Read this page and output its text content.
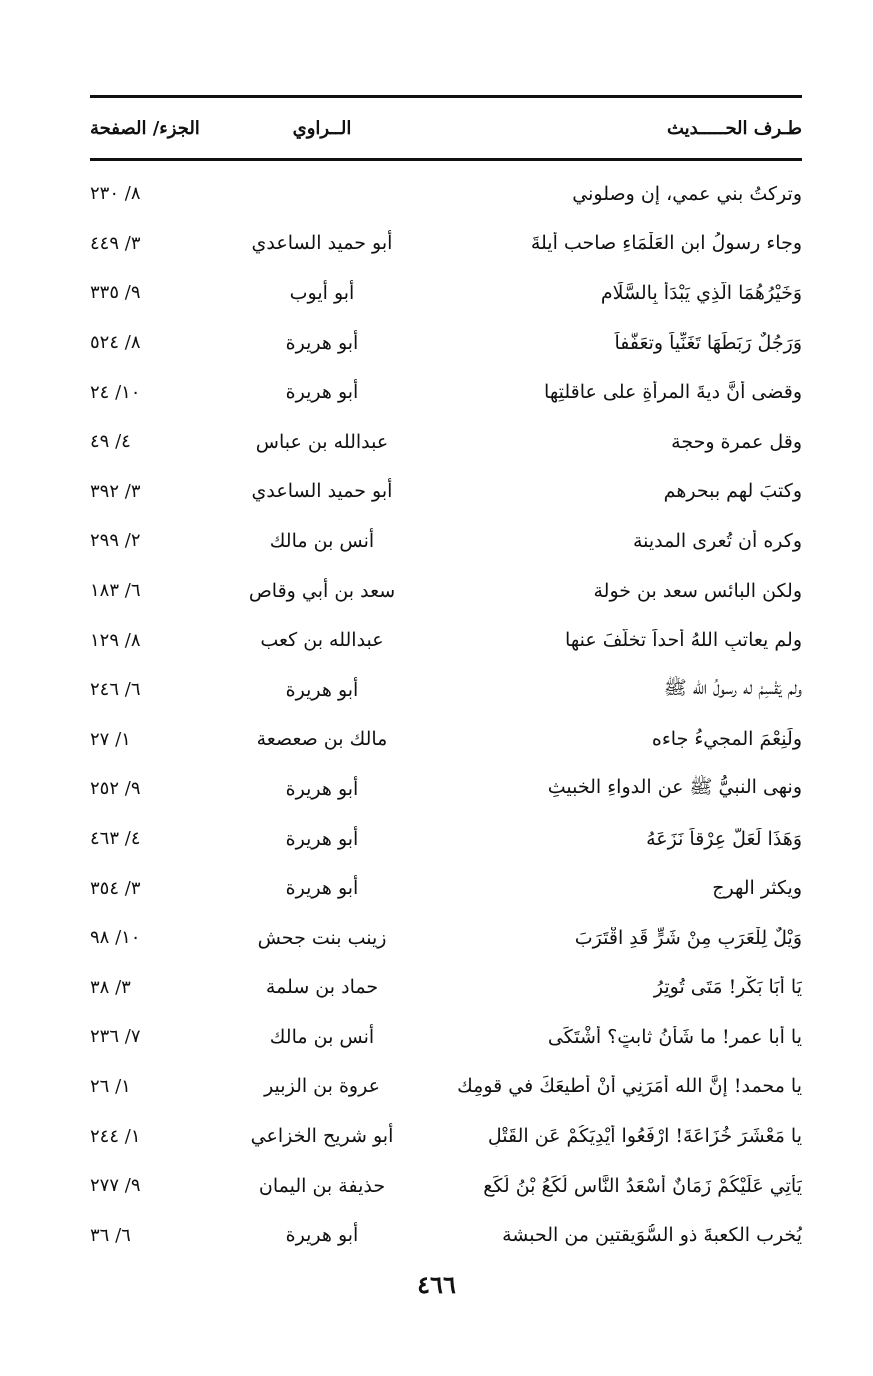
طـرف الحـــــديث
الــراوي
الجزء/ الصفحة
وتركتُ بني عمي، إن وصلوني
٨/ ٢٣٠
وجاء رسولُ ابنِ العَلْمَاءِ صاحب أيلةَ
أبو حميد الساعدي
٣/ ٤٤٩
وَخَيْرُهُمَا الَّذِي يَبْدَأُ بِالسَّلَامِ
أبو أيوب
٩/ ٣٣٥
وَرَجُلٌ رَبَطَهَا تَغَنِّياً وتعَفُّفاً
أبو هريرة
٨/ ٥٢٤
وقضى أنَّ ديةَ المرأةِ على عاقلتِها
أبو هريرة
١٠/ ٢٤
وقل عمرة وحجة
عبدالله بن عباس
٤/ ٤٩
وكتبَ لهم ببحرِهم
أبو حميد الساعدي
٣/ ٣٩٢
وكره أن تُعرى المدينة
أنس بن مالك
٢/ ٢٩٩
ولكن البائس سعد بن خولة
سعد بن أبي وقاص
٦/ ١٨٣
ولم يعاتبِ اللهُ أحداً تخلَّفَ عنها
عبدالله بن كعب
٨/ ١٢٩
ولم يَقْسِمْ له رسولُ الله ﷺ
أبو هريرة
٦/ ٢٤٦
ولَنِعْمَ المجيءُ جاءه
مالك بن صعصعة
١/ ٢٧
ونهى النبيُّ ﷺ عن الدواءِ الخبيثِ
أبو هريرة
٩/ ٢٥٢
وَهَذَا لَعَلَّ عِرْقاً نَزَعَهُ
أبو هريرة
٤/ ٤٦٣
ويكثر الهرج
أبو هريرة
٣/ ٣٥٤
وَيْلٌ لِلْعَرَبِ مِنْ شَرٍّ قَدِ اقْتَرَبَ
زينب بنت جحش
١٠/ ٩٨
يَا أَبَا بَكْرٍ! مَتَى تُوتِرُ
حماد بن سلمة
٣/ ٣٨
يا أبا عمر! ما شَأْنُ ثابتٍ؟ أَشْتَكَى
أنس بن مالك
٧/ ٢٣٦
يا محمد! إنَّ الله أَمَرَنِي أَنْ أُطيعَكَ في قومِك
عروة بن الزبير
١/ ٢٦
يا مَعْشَرَ خُزَاعَةَ! ارْفَعُوا أَيْدِيَكُمْ عَنِ القَتْلِ
أبو شريح الخزاعي
١/ ٢٤٤
يَأْتِي عَلَيْكُمْ زَمَانٌ أَسْعَدُ النَّاسِ لُكَعُ بْنُ لُكَعٍ
حذيفة بن اليمان
٩/ ٢٧٧
يُخرب الكعبةَ ذو السُّوَيقتين من الحبشة
أبو هريرة
٦/ ٣٦
٤٦٦
